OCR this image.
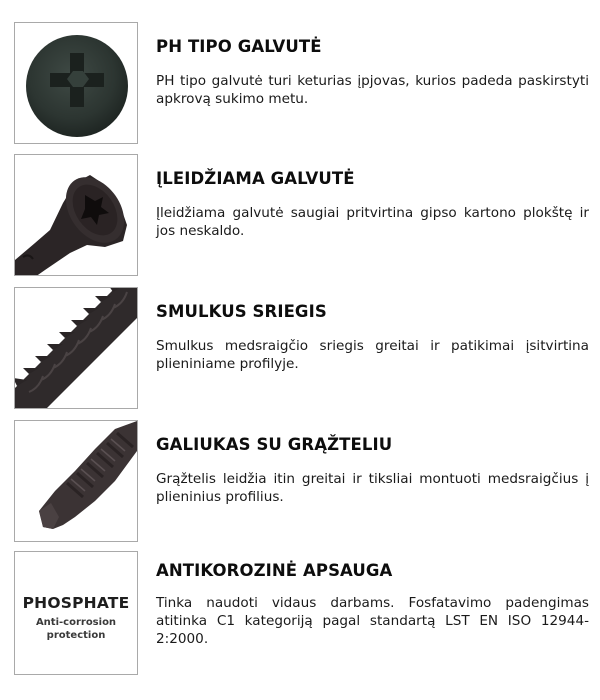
PH TIPO GALVUTĖ
PH tipo galvutė turi keturias įpjovas, kurios padeda paskirstyti apkrovą sukimo metu.
ĮLEIDŽIAMA GALVUTĖ
Įleidžiama galvutė saugiai pritvirtina gipso kartono plokštę ir jos neskaldo.
SMULKUS SRIEGIS
Smulkus medsraigčio sriegis greitai ir patikimai įsitvirtina plieniniame profilyje.
GALIUKAS SU GRĄŽTELIU
Grąžtelis leidžia itin greitai ir tiksliai montuoti medsraigčius į plieninius profilius.
PHOSPHATE
Anti-corrosion
protection
ANTIKOROZINĖ APSAUGA
Tinka naudoti vidaus darbams. Fosfatavimo padengimas atitinka C1 kategoriją pagal standartą LST EN ISO 12944-2:2000.
